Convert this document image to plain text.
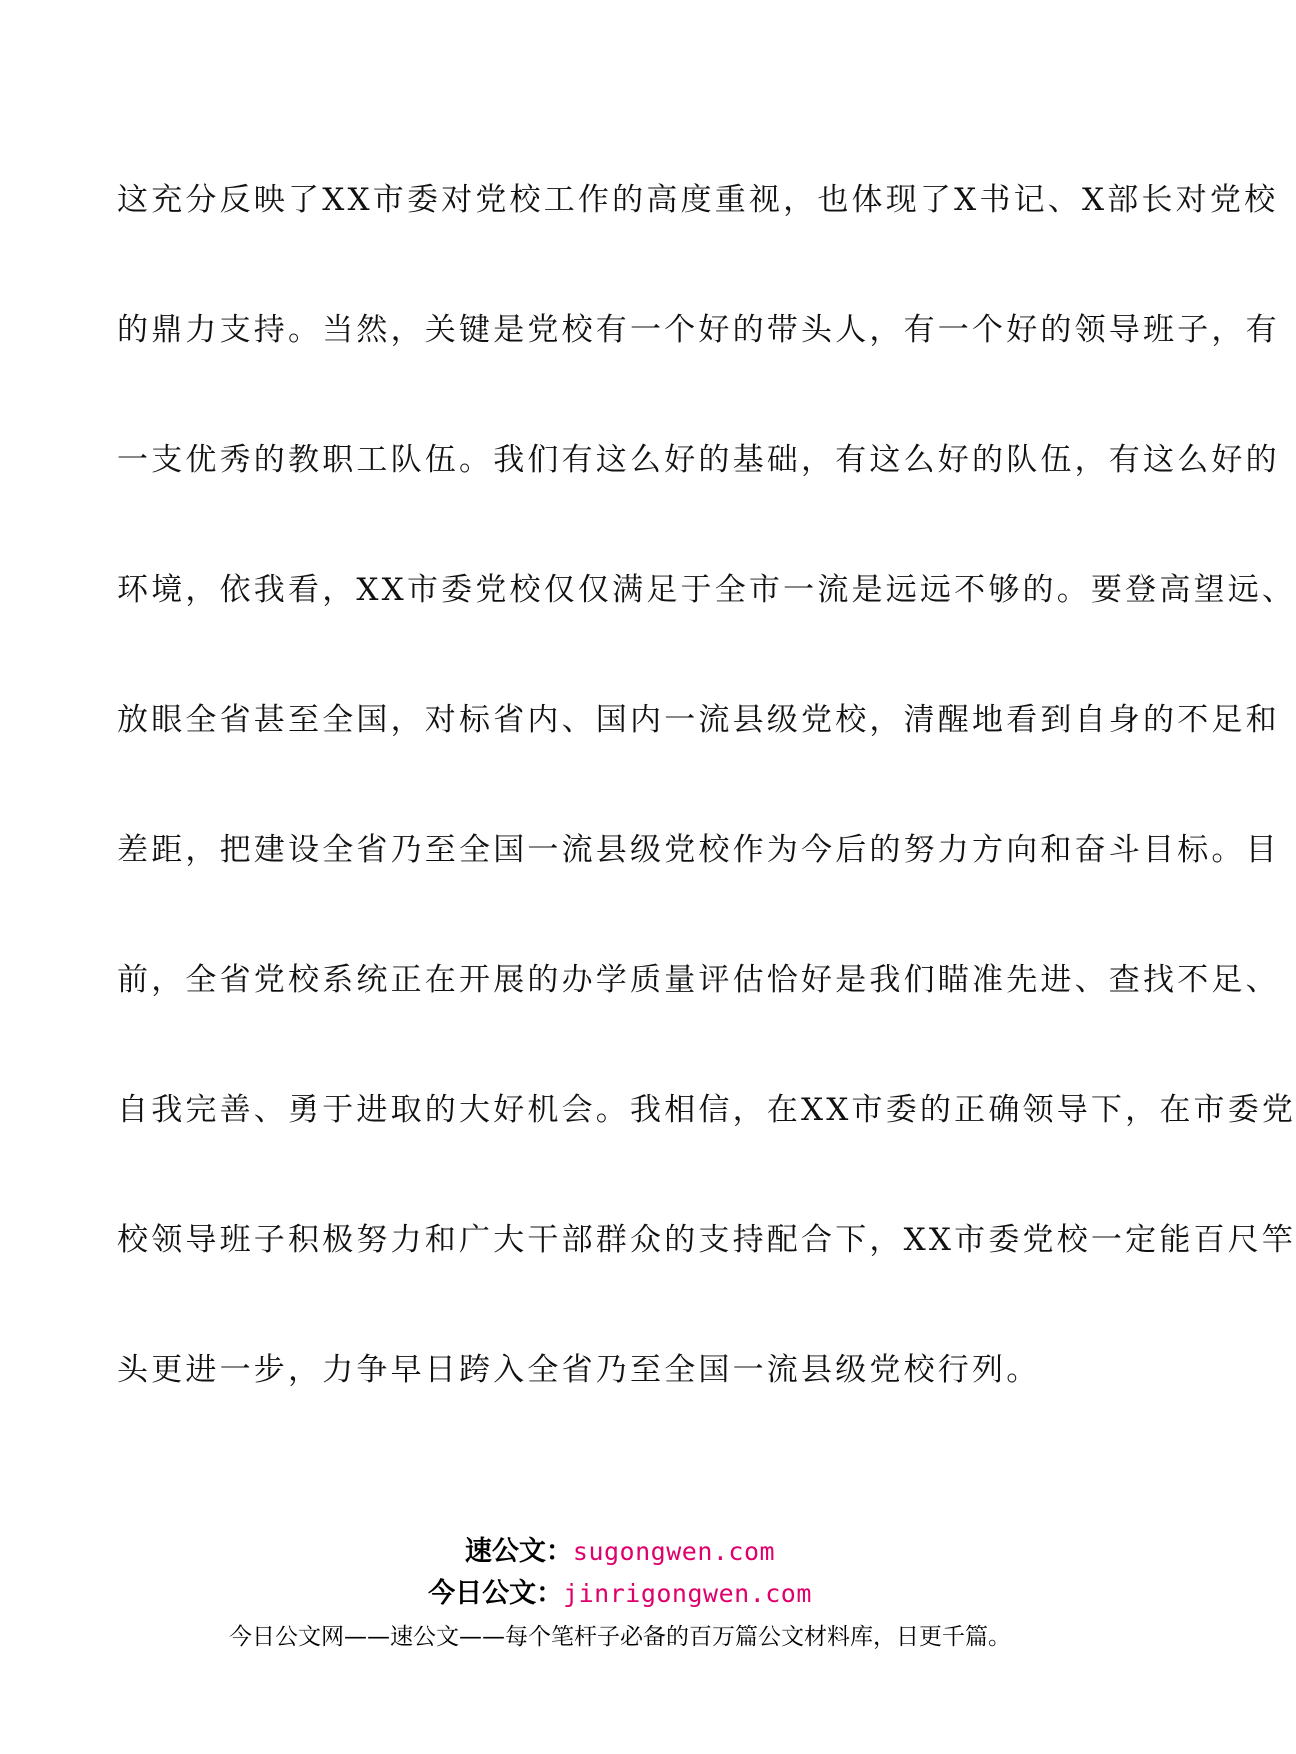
这充分反映了XX市委对党校工作的高度重视，也体现了X书记、X部长对党校
的鼎力支持。当然，关键是党校有一个好的带头人，有一个好的领导班子，有
一支优秀的教职工队伍。我们有这么好的基础，有这么好的队伍，有这么好的
环境，依我看，XX市委党校仅仅满足于全市一流是远远不够的。要登高望远、
放眼全省甚至全国，对标省内、国内一流县级党校，清醒地看到自身的不足和
差距，把建设全省乃至全国一流县级党校作为今后的努力方向和奋斗目标。目
前，全省党校系统正在开展的办学质量评估恰好是我们瞄准先进、查找不足、
自我完善、勇于进取的大好机会。我相信，在XX市委的正确领导下，在市委党
校领导班子积极努力和广大干部群众的支持配合下，XX市委党校一定能百尺竿
头更进一步，力争早日跨入全省乃至全国一流县级党校行列。
速公文：sugongwen.com
今日公文：jinrigongwen.com
今日公文网——速公文——每个笔杆子必备的百万篇公文材料库，日更千篇。
